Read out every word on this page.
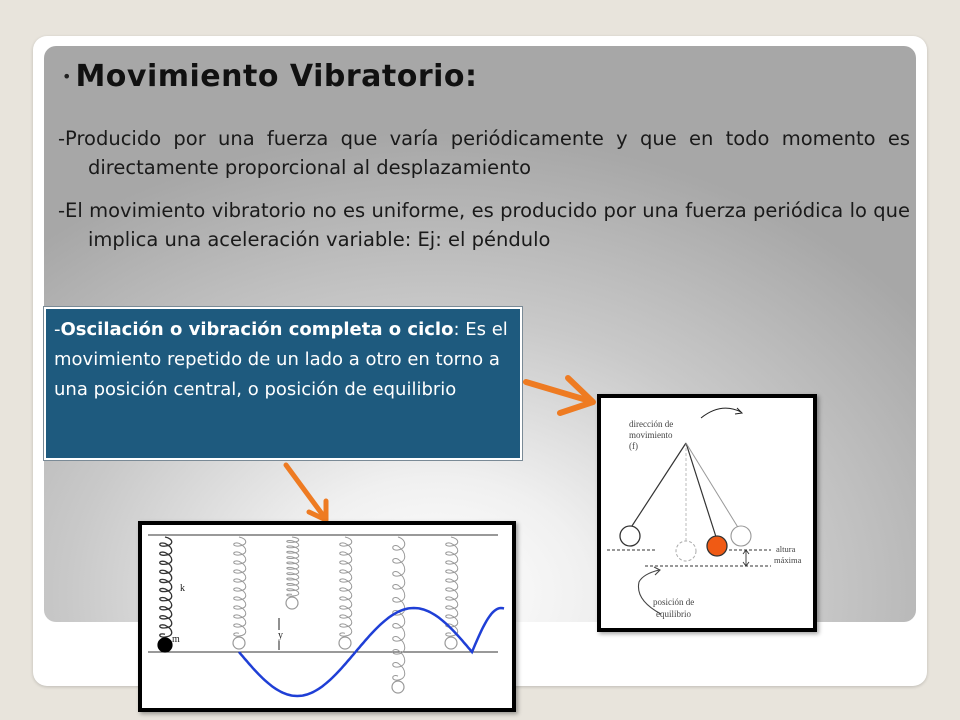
• Movimiento Vibratorio:
-Producido por una fuerza que varía periódicamente y que en todo momento es directamente proporcional al desplazamiento
-El movimiento vibratorio no es uniforme, es producido por una fuerza periódica lo que implica una aceleración variable: Ej: el péndulo
-Oscilación o vibración completa o ciclo: Es el movimiento repetido de un lado a otro en torno a una posición central, o posición de equilibrio
dirección de
movimiento
(f)
altura
máxima
posición de
equilibrio
k
m	y
